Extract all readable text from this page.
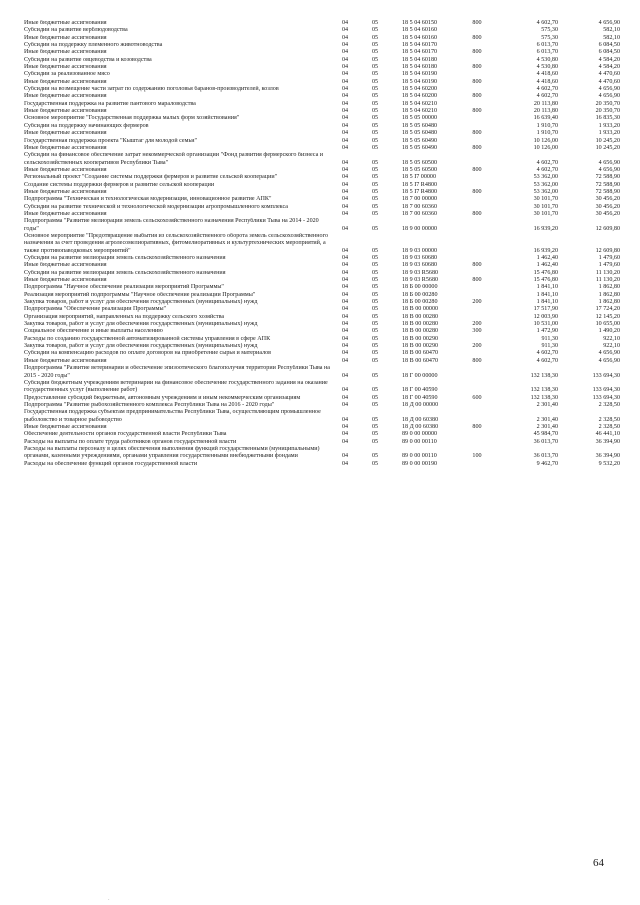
Иные бюджетные ассигнования	04	05	18 5 04 60150	800	4 602,70	4 656,90
Субсидии на развитие верблюдоводства	04	05	18 5 04 60160		575,30	582,10
Иные бюджетные ассигнования	04	05	18 5 04 60160	800	575,30	582,10
Субсидии на поддержку племенного животноводства	04	05	18 5 04 60170		6 013,70	6 084,50
Иные бюджетные ассигнования	04	05	18 5 04 60170	800	6 013,70	6 084,50
Субсидии на развитие овцеводства и козоводства	04	05	18 5 04 60180		4 530,80	4 584,20
Иные бюджетные ассигнования	04	05	18 5 04 60180	800	4 530,80	4 584,20
Субсидии за реализованное мясо	04	05	18 5 04 60190		4 418,60	4 470,60
Иные бюджетные ассигнования	04	05	18 5 04 60190	800	4 418,60	4 470,60
Субсидии на возмещение части затрат по содержанию поголовья баранов-производителей, козлов	04	05	18 5 04 60200		4 602,70	4 656,90
Иные бюджетные ассигнования	04	05	18 5 04 60200	800	4 602,70	4 656,90
Государственная поддержка на развитие пантового мараловодства	04	05	18 5 04 60210		20 113,80	20 350,70
Иные бюджетные ассигнования	04	05	18 5 04 60210	800	20 113,80	20 350,70
Основное мероприятие "Государственная поддержка малых форм хозяйствования"	04	05	18 5 05 00000		16 639,40	16 835,30
Субсидии на поддержку начинающих фермеров	04	05	18 5 05 60480		1 910,70	1 933,20
Иные бюджетные ассигнования	04	05	18 5 05 60480	800	1 910,70	1 933,20
Государственная поддержка проекта "Кыштаг для молодой семьи"	04	05	18 5 05 60490		10 126,00	10 245,20
Иные бюджетные ассигнования	04	05	18 5 05 60490	800	10 126,00	10 245,20
Субсидии на финансовое обеспечение затрат некоммерческой организации "Фонд развития фермерского бизнеса и сельскохозяйственных кооперативов Республики Тыва"	04	05	18 5 05 60500		4 602,70	4 656,90
Иные бюджетные ассигнования	04	05	18 5 05 60500	800	4 602,70	4 656,90
Региональный проект "Создание системы поддержки фермеров и развитие сельской кооперации"	04	05	18 5 I7 00000		53 362,00	72 588,90
Создание системы поддержки фермеров и развитие сельской кооперации	04	05	18 5 I7 R4800		53 362,00	72 588,90
Иные бюджетные ассигнования	04	05	18 5 I7 R4800	800	53 362,00	72 588,90
Подпрограмма "Техническая и технологическая модернизация, инновационное развитие АПК"	04	05	18 7 00 00000		30 101,70	30 456,20
Субсидии на развитие технической и технологической модернизации агропромышленного комплекса	04	05	18 7 00 60360		30 101,70	30 456,20
Иные бюджетные ассигнования	04	05	18 7 00 60360	800	30 101,70	30 456,20
Подпрограмма "Развитие мелиорации земель сельскохозяйственного назначения Республики Тыва на 2014 - 2020 годы"	04	05	18 9 00 00000		16 939,20	12 609,80
Основное мероприятие "Предотвращение выбытия из сельскохозяйственного оборота земель сельскохозяйственного назначения за счет проведения агролесомелиоративных, фитомелиоративных и культуртехнических мероприятий, а также противопаводковых мероприятий"	04	05	18 9 03 00000		16 939,20	12 609,80
Субсидии на развитие мелиорации земель сельскохозяйственного назначения	04	05	18 9 03 60680		1 462,40	1 479,60
Иные бюджетные ассигнования	04	05	18 9 03 60680	800	1 462,40	1 479,60
Субсидии на развитие мелиорации земель сельскохозяйственного назначения	04	05	18 9 03 R5680		15 476,80	11 130,20
Иные бюджетные ассигнования	04	05	18 9 03 R5680	800	15 476,80	11 130,20
Подпрограмма "Научное обеспечение реализации мероприятий Программы"	04	05	18 Б 00 00000		1 841,10	1 862,80
Реализация мероприятий подпрограммы "Научное обеспечение реализации Программы"	04	05	18 Б 00 00280		1 841,10	1 862,80
Закупка товаров, работ и услуг для обеспечения государственных (муниципальных) нужд	04	05	18 Б 00 00280	200	1 841,10	1 862,80
Подпрограмма "Обеспечение реализации Программы"	04	05	18 В 00 00000		17 517,90	17 724,20
Организация мероприятий, направленных на поддержку сельского хозяйства	04	05	18 В 00 00280		12 003,90	12 145,20
Закупка товаров, работ и услуг для обеспечения государственных (муниципальных) нужд	04	05	18 В 00 00280	200	10 531,00	10 655,00
Социальное обеспечение и иные выплаты населению	04	05	18 В 00 00280	300	1 472,90	1 490,20
Расходы по созданию государственной автоматизированной системы управления в сфере АПК	04	05	18 В 00 00290		911,30	922,10
Закупка товаров, работ и услуг для обеспечения государственных (муниципальных) нужд	04	05	18 В 00 00290	200	911,30	922,10
Субсидии на компенсацию расходов по оплате договоров на приобретение сырья и материалов	04	05	18 В 00 60470		4 602,70	4 656,90
Иные бюджетные ассигнования	04	05	18 В 00 60470	800	4 602,70	4 656,90
Подпрограмма "Развитие ветеринарии и обеспечение эпизоотического благополучия территории Республики Тыва на 2015 - 2020 годы"	04	05	18 Г 00 00000		132 138,30	133 694,30
Субсидии бюджетным учреждениям ветеринарии на финансовое обеспечение государственного задания на оказание государственных услуг (выполнение работ)	04	05	18 Г 00 40590		132 138,30	133 694,30
Предоставление субсидий бюджетным, автономным учреждениям и иным некоммерческим организациям	04	05	18 Г 00 40590	600	132 138,30	133 694,30
Подпрограмма "Развитие рыбохозяйственного комплекса Республики Тыва на 2016 - 2020 годы"	04	05	18 Д 00 00000		2 301,40	2 328,50
Государственная поддержка субъектам предпринимательства Республики Тыва, осуществляющим промышленное рыболовство и товарное рыбоводство	04	05	18 Д 00 60380		2 301,40	2 328,50
Иные бюджетные ассигнования	04	05	18 Д 00 60380	800	2 301,40	2 328,50
Обеспечение деятельности органов государственной власти Республики Тыва	04	05	89 0 00 00000		45 984,70	46 441,10
Расходы на выплаты по оплате труда работников органов государственной власти	04	05	89 0 00 00110		36 013,70	36 394,90
Расходы на выплаты персоналу в целях обеспечения выполнения функций государственными (муниципальными) органами, казенными учреждениями, органами управления государственными внебюджетными фондами	04	05	89 0 00 00110	100	36 013,70	36 394,90
Расходы на обеспечение функций органов государственной власти	04	05	89 0 00 00190		9 462,70	9 532,20
64
·
